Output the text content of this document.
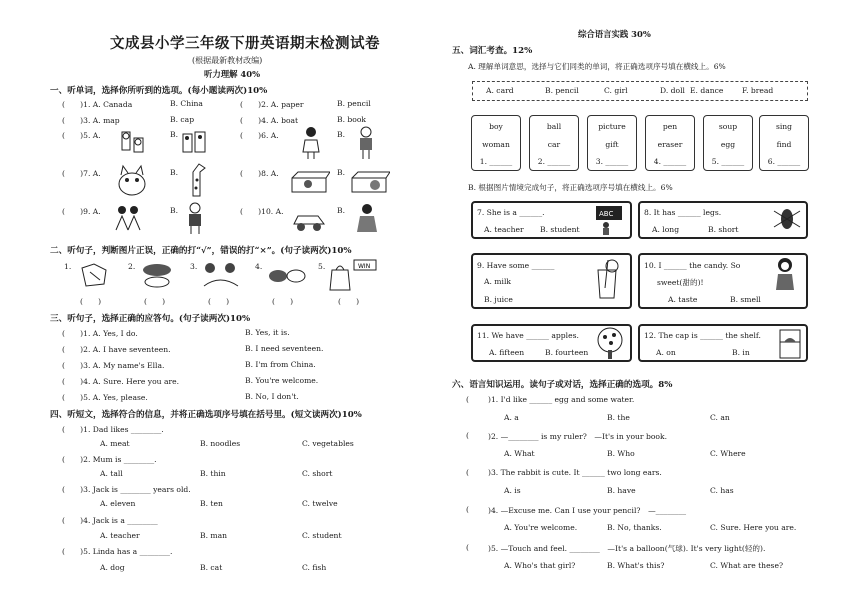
文成县小学三年级下册英语期末检测试卷
(根据最新教材改编)
听力理解 40%
一、听单词，选择你所听到的选项。(每小题读两次)10%
(　　)1. A. Canada	B. China	(　　)2. A. paper	B. pencil
(　　)3. A. map	B. cap	(　　)4. A. boat	B. book
(　　)5. A.	B.	(　　)6. A.	B.
(　　)7. A.	B.	(　　)8. A.	B.
(　　)9. A.	B.	(　　)10. A.	B.
二、听句子，判断图片正误，正确的打“√”，错误的打“×”。(句子读两次)10%
1.	2.	3.	4.	5.	WIN
(　　)	(　　)	(　　)	(　　)	(　　)
三、听句子，选择正确的应答句。(句子读两次)10%
(　　)1. A. Yes, I do.	B. Yes, it is.
(　　)2. A. I have seventeen.	B. I need seventeen.
(　　)3. A. My name's Ella.	B. I'm from China.
(　　)4. A. Sure. Here you are.	B. You're welcome.
(　　)5. A. Yes, please.	B. No, I don't.
四、听短文，选择符合的信息，并将正确选项序号填在括号里。(短文读两次)10%
(　　)1. Dad likes ________.
A. meat	B. noodles	C. vegetables
(　　)2. Mum is ________.
A. tall	B. thin	C. short
(　　)3. Jack is ________ years old.
A. eleven	B. ten	C. twelve
(　　)4. Jack is a ________
A. teacher	B. man	C. student
(　　)5. Linda has a ________.
A. dog	B. cat	C. fish
综合语言实践 30%
五、词汇考查。12%
A. 理解单词意思，选择与它们同类的单词，将正确选项序号填在横线上。6%
A. card	B. pencil	C. girl	D. doll E. dance F. bread
boy
woman
1. ______
ball
car
2. ______
picture
gift
3. ______
pen
eraser
4. ______
soup
egg
5. ______
sing
find
6. ______
B. 根据图片情境完成句子，将正确选项序号填在横线上。6%
7. She is a ______.
A. teacher B. student
ABC	8. It has ______ legs.
A. long	B. short
9. Have some ______
A. milk
B. juice
10. I ______ the candy. So
sweet(甜的)!
A. taste	B. smell
11. We have ______ apples.
A. fifteen	B. fourteen
12. The cap is ______ the shelf.
A. on	B. in
六、语言知识运用。读句子或对话，选择正确的选项。8%
(	)1. I'd like ______ egg and some water.
A. a	B. the	C. an
(	)2. —________ is my ruler?　—It's in your book.
A. What	B. Who	C. Where
(	)3. The rabbit is cute. It ______ two long ears.
A. is	B. have	C. has
(	)4. —Excuse me. Can I use your pencil?　—________
A. You're welcome.	B. No, thanks.	C. Sure. Here you are.
(	)5. —Touch and feel. ________　—It's a balloon(气球). It's very light(轻的).
A. Who's that girl?	B. What's this?	C. What are these?
